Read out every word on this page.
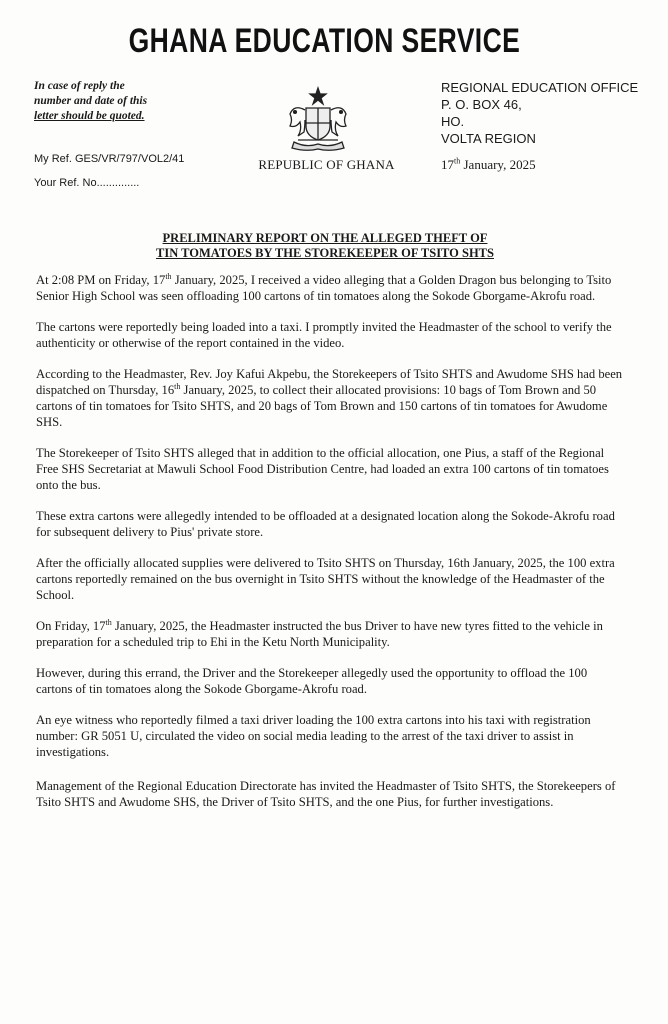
GHANA EDUCATION SERVICE
In case of reply the
number and date of this
letter should be quoted.
My Ref. GES/VR/797/VOL2/41
Your Ref. No..............
REPUBLIC OF GHANA
REGIONAL EDUCATION OFFICE
P. O. BOX 46,
HO.
VOLTA REGION
17th January, 2025
PRELIMINARY REPORT ON THE ALLEGED THEFT OF
TIN TOMATOES BY THE STOREKEEPER OF TSITO SHTS

At 2:08 PM on Friday, 17th January, 2025, I received a video alleging that a Golden Dragon bus belonging to Tsito Senior High School was seen offloading 100 cartons of tin tomatoes along the Sokode Gborgame-Akrofu road.

The cartons were reportedly being loaded into a taxi. I promptly invited the Headmaster of the school to verify the authenticity or otherwise of the report contained in the video.

According to the Headmaster, Rev. Joy Kafui Akpebu, the Storekeepers of Tsito SHTS and Awudome SHS had been dispatched on Thursday, 16th January, 2025, to collect their allocated provisions: 10 bags of Tom Brown and 50 cartons of tin tomatoes for Tsito SHTS, and 20 bags of Tom Brown and 150 cartons of tin tomatoes for Awudome SHS.

The Storekeeper of Tsito SHTS alleged that in addition to the official allocation, one Pius, a staff of the Regional Free SHS Secretariat at Mawuli School Food Distribution Centre, had loaded an extra 100 cartons of tin tomatoes onto the bus.

These extra cartons were allegedly intended to be offloaded at a designated location along the Sokode-Akrofu road for subsequent delivery to Pius' private store.

After the officially allocated supplies were delivered to Tsito SHTS on Thursday, 16th January, 2025, the 100 extra cartons reportedly remained on the bus overnight in Tsito SHTS without the knowledge of the Headmaster of the School.

On Friday, 17th January, 2025, the Headmaster instructed the bus Driver to have new tyres fitted to the vehicle in preparation for a scheduled trip to Ehi in the Ketu North Municipality.

However, during this errand, the Driver and the Storekeeper allegedly used the opportunity to offload the 100 cartons of tin tomatoes along the Sokode Gborgame-Akrofu road.

An eye witness who reportedly filmed a taxi driver loading the 100 extra cartons into his taxi with registration number: GR 5051 U, circulated the video on social media leading to the arrest of the taxi driver to assist in investigations.

Management of the Regional Education Directorate has invited the Headmaster of Tsito SHTS, the Storekeepers of Tsito SHTS and Awudome SHS, the Driver of Tsito SHTS, and the one Pius, for further investigations.
